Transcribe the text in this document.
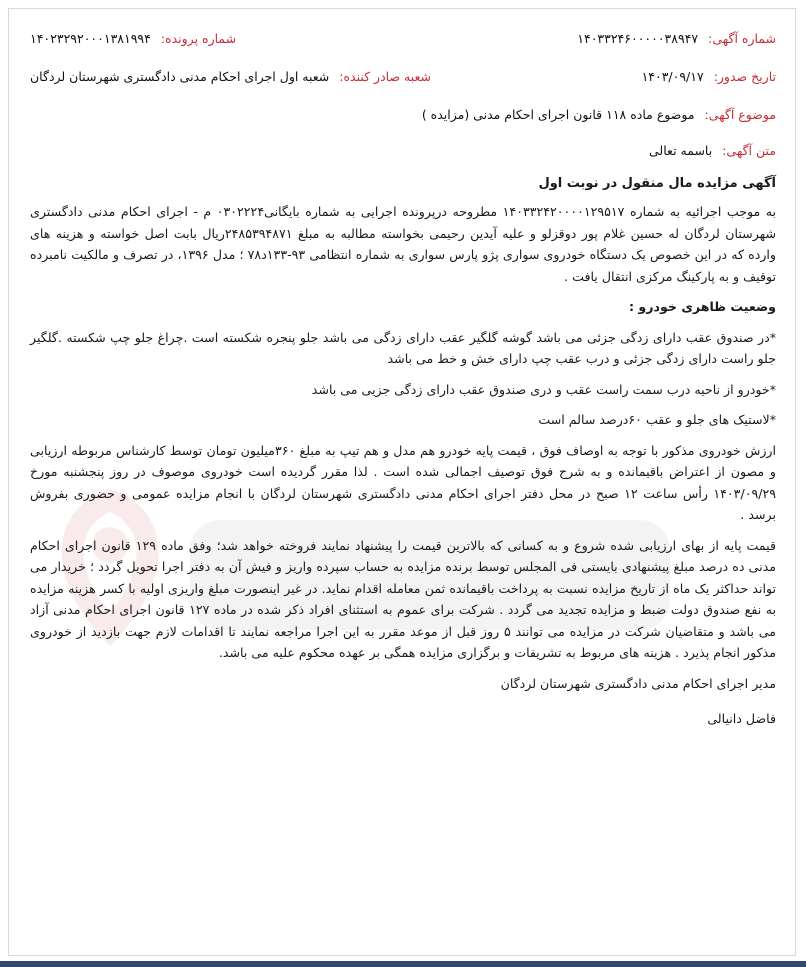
شماره آگهی: ۱۴۰۳۳۲۴۶۰۰۰۰۰۳۸۹۴۷
شماره پرونده: ۱۴۰۲۳۲۹۲۰۰۰۱۳۸۱۹۹۴
تاریخ صدور: ۱۴۰۳/۰۹/۱۷
شعبه صادر کننده: شعبه اول اجرای احکام مدنی دادگستری شهرستان لردگان
موضوع آگهی: موضوع ماده ۱۱۸ قانون اجرای احکام مدنی (مزایده )
متن آگهی: باسمه تعالی
آگهی مزایده مال منقول در نوبت اول

به موجب اجرائیه به شماره ۱۴۰۳۳۲۴۲۰۰۰۰۱۲۹۵۱۷ مطروحه درپرونده اجرایی به شماره بایگانی۰۳۰۲۲۲۴ م - اجرای احکام مدنی دادگستری شهرستان لردگان له حسین غلام پور دوقزلو و علیه آیدین رحیمی بخواسته مطالبه به مبلغ ۲۴۸۵۳۹۴۸۷۱ریال بابت اصل خواسته و هزینه های وارده که در این خصوص یک دستگاه خودروی سواری پژو پارس سواری به شماره انتظامی ۹۳-۱۳۳د۷۸ ؛ مدل ۱۳۹۶، در تصرف و مالکیت نامبرده توقیف و به پارکینگ مرکزی انتقال یافت .

وضعیت ظاهری خودرو :

*در صندوق عقب دارای زدگی جزئی می باشد گوشه گلگیر عقب دارای زدگی می باشد جلو پنجره شکسته است .چراغ جلو چپ شکسته .گلگیر جلو راست دارای زدگی جزئی و درب عقب چپ دارای خش و خط می باشد

*خودرو از ناحیه درب سمت راست عقب و دری صندوق عقب دارای زدگی جزیی می باشد

*لاستیک های جلو و عقب ۶۰درصد سالم است

ارزش خودروی مذکور با توجه به اوصاف فوق ، قیمت پایه خودرو هم مدل و هم تیپ به مبلغ ۳۶۰میلیون تومان توسط کارشناس مربوطه ارزیابی و مصون از اعتراض باقیمانده و به شرح فوق توصیف اجمالی شده است . لذا مقرر گردیده است خودروی موصوف در روز پنجشنبه مورخ ۱۴۰۳/۰۹/۲۹ رأس ساعت ۱۲ صبح در محل دفتر اجرای احکام مدنی دادگستری شهرستان لردگان با انجام مزایده عمومی و حضوری بفروش برسد .

قیمت پایه از بهای ارزیابی شده شروع و به کسانی که بالاترین قیمت را پیشنهاد نمایند فروخته خواهد شد؛ وفق ماده ۱۲۹ قانون اجرای احکام مدنی ده درصد مبلغ پیشنهادی بایستی فی المجلس توسط برنده مزایده به حساب سپرده واریز و فیش آن به دفتر اجرا تحویل گردد ؛ خریدار می تواند حداکثر یک ماه از تاریخ مزایده نسبت به پرداخت باقیمانده ثمن معامله اقدام نماید. در غیر اینصورت مبلغ واریزی اولیه با کسر هزینه مزایده به نفع صندوق دولت ضبط و مزایده تجدید می گردد . شرکت برای عموم به استثنای افراد ذکر شده در ماده ۱۲۷ قانون اجرای احکام مدنی آزاد می باشد و متقاضیان شرکت در مزایده می توانند ۵ روز قبل از موعد مقرر به این اجرا مراجعه نمایند تا اقدامات لازم جهت بازدید از خودروی مذکور انجام پذیرد . هزینه های مربوط به تشریفات و برگزاری مزایده همگی بر عهده محکوم علیه می باشد.

مدیر اجرای احکام مدنی دادگستری شهرستان لردگان

فاضل دانیالی
